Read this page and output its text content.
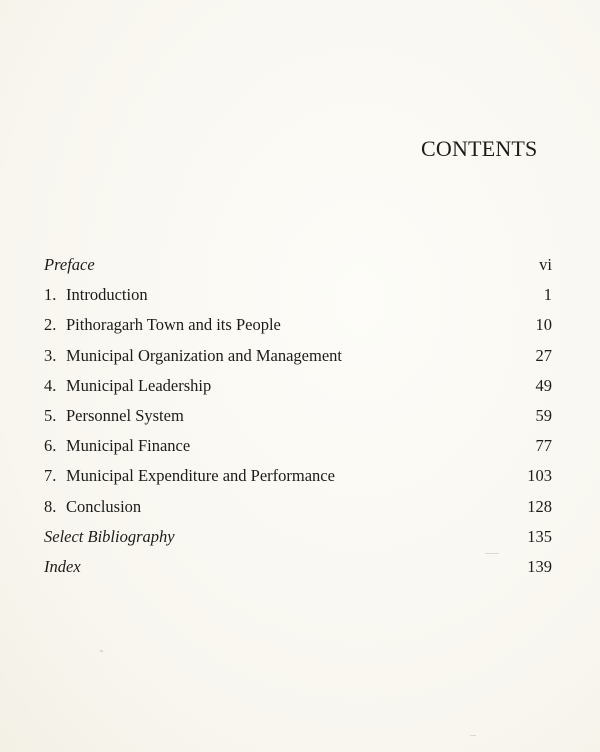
CONTENTS
Preface	vi
1. Introduction	1
2. Pithoragarh Town and its People	10
3. Municipal Organization and Management	27
4. Municipal Leadership	49
5. Personnel System	59
6. Municipal Finance	77
7. Municipal Expenditure and Performance	103
8. Conclusion	128
Select Bibliography	135
Index	139
